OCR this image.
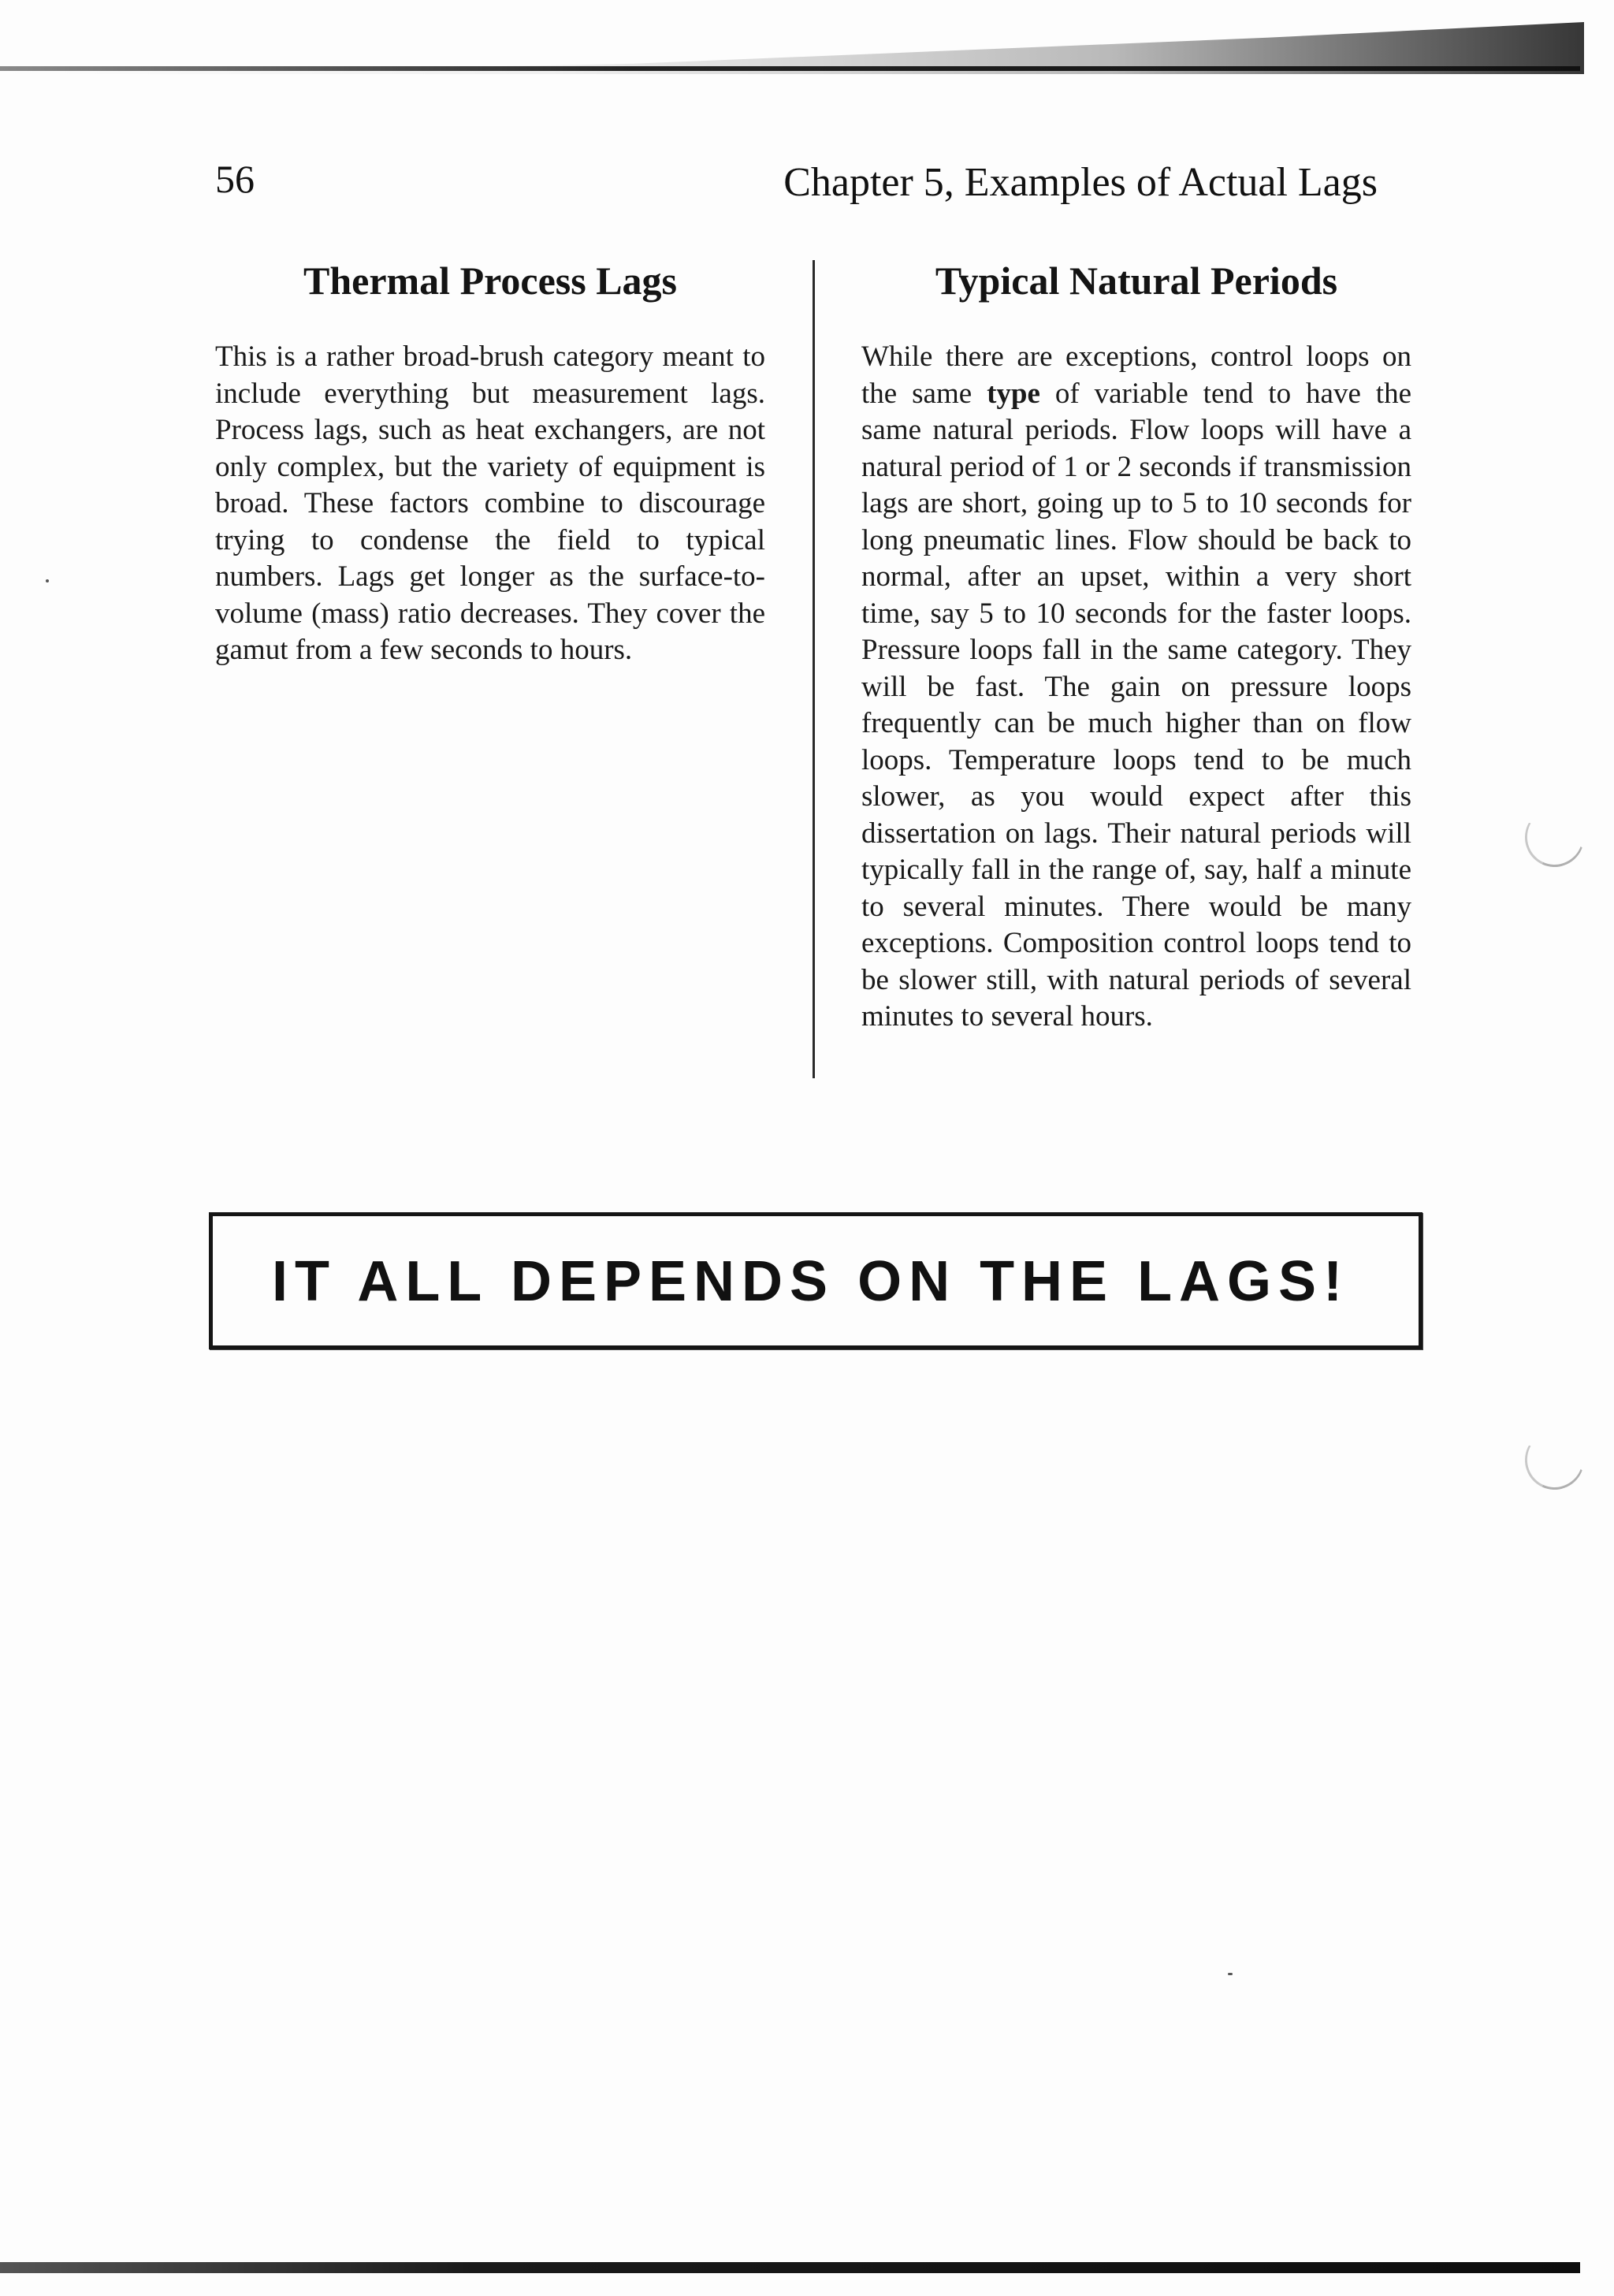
56	Chapter 5, Examples of Actual Lags
Thermal Process Lags

This is a rather broad-brush category meant to include everything but measurement lags. Process lags, such as heat exchangers, are not only complex, but the variety of equipment is broad. These factors combine to discourage trying to condense the field to typical numbers. Lags get longer as the surface-to-volume (mass) ratio decreases. They cover the gamut from a few seconds to hours.

Typical Natural Periods

While there are exceptions, control loops on the same type of variable tend to have the same natural periods. Flow loops will have a natural period of 1 or 2 seconds if transmission lags are short, going up to 5 to 10 seconds for long pneumatic lines. Flow should be back to normal, after an upset, within a very short time, say 5 to 10 seconds for the faster loops. Pressure loops fall in the same category. They will be fast. The gain on pressure loops frequently can be much higher than on flow loops. Temperature loops tend to be much slower, as you would expect after this dissertation on lags. Their natural periods will typically fall in the range of, say, half a minute to several minutes. There would be many exceptions. Composition control loops tend to be slower still, with natural periods of several minutes to several hours.

IT ALL DEPENDS ON THE LAGS!
